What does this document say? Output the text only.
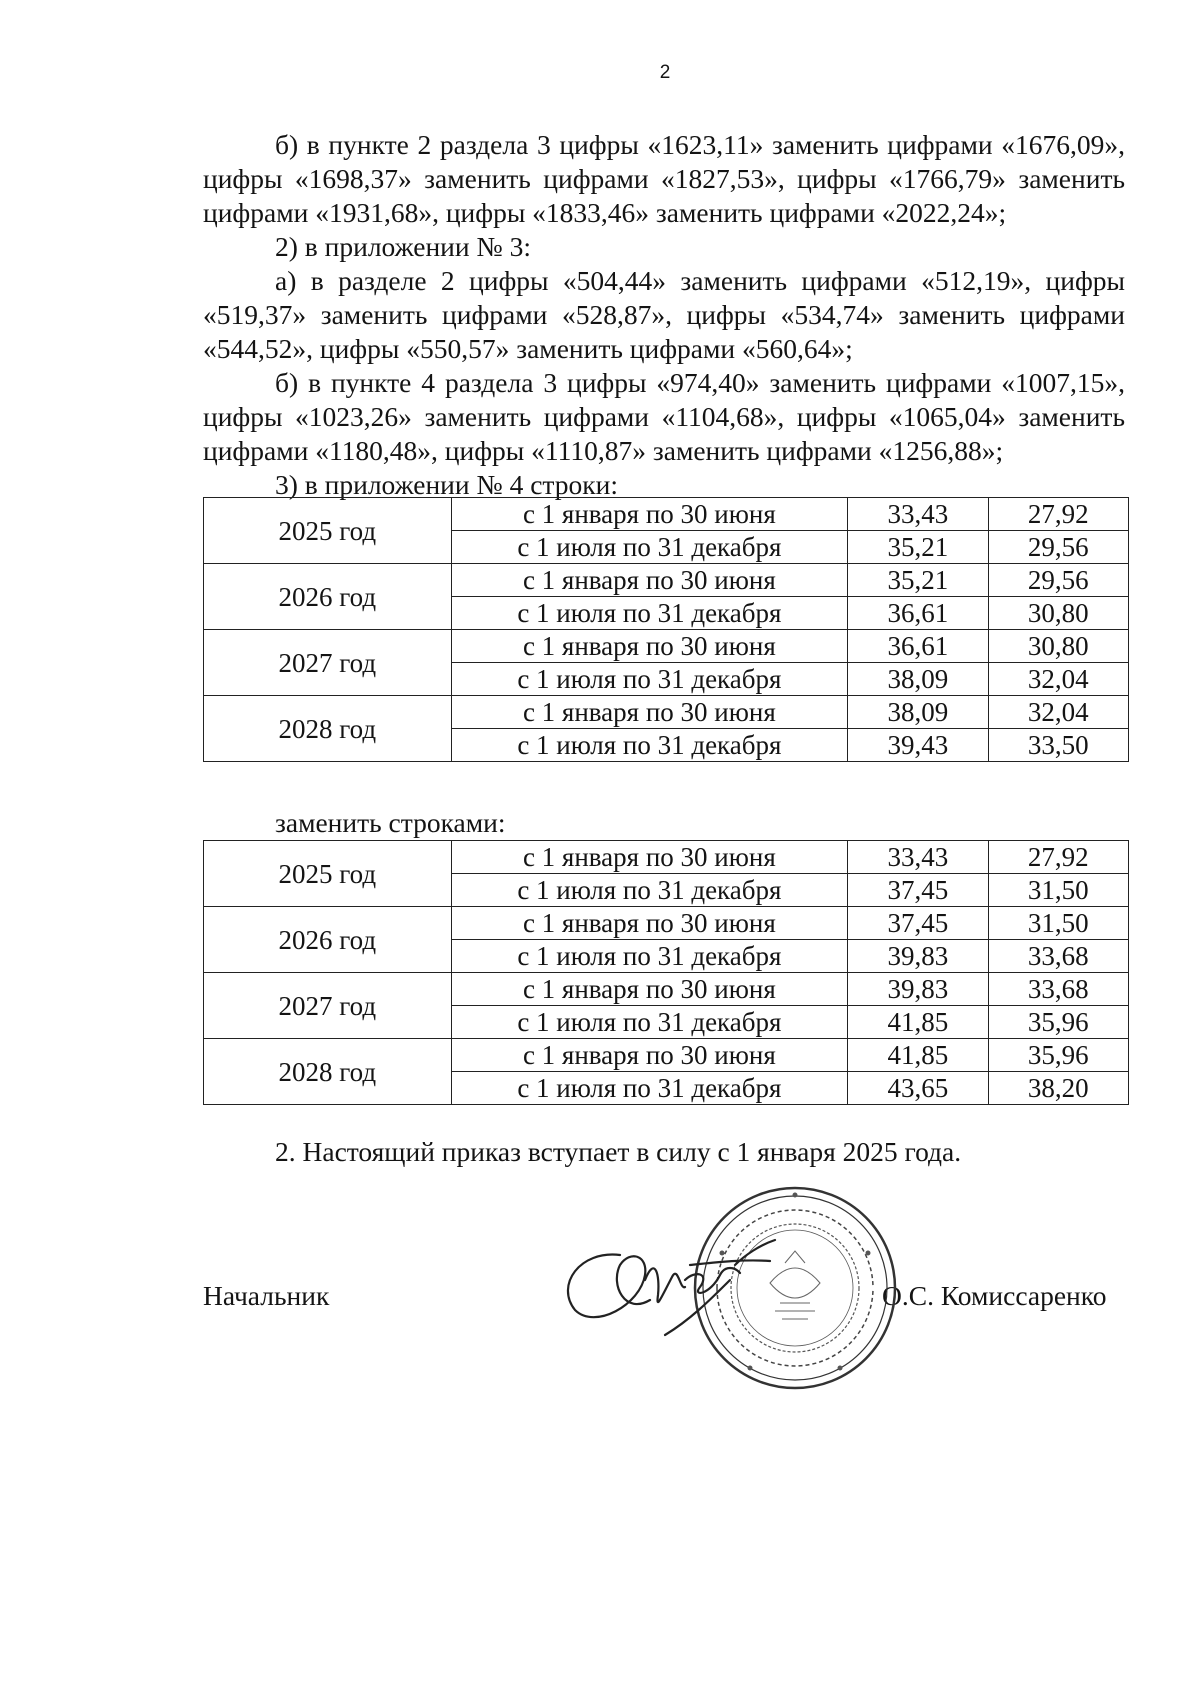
2

б) в пункте 2 раздела 3 цифры «1623,11» заменить цифрами «1676,09», цифры «1698,37» заменить цифрами «1827,53», цифры «1766,79» заменить цифрами «1931,68», цифры «1833,46» заменить цифрами «2022,24»;

2) в приложении № 3:

а) в разделе 2 цифры «504,44» заменить цифрами «512,19», цифры «519,37» заменить цифрами «528,87», цифры «534,74» заменить цифрами «544,52», цифры «550,57» заменить цифрами «560,64»;

б) в пункте 4 раздела 3 цифры «974,40» заменить цифрами «1007,15», цифры «1023,26» заменить цифрами «1104,68», цифры «1065,04» заменить цифрами «1180,48», цифры «1110,87» заменить цифрами «1256,88»;

3) в приложении № 4 строки:

2025 год	с 1 января по 30 июня	33,43	27,92
	с 1 июля по 31 декабря	35,21	29,56
2026 год	с 1 января по 30 июня	35,21	29,56
	с 1 июля по 31 декабря	36,61	30,80
2027 год	с 1 января по 30 июня	36,61	30,80
	с 1 июля по 31 декабря	38,09	32,04
2028 год	с 1 января по 30 июня	38,09	32,04
	с 1 июля по 31 декабря	39,43	33,50
заменить строками:
2025 год	с 1 января по 30 июня	33,43	27,92
	с 1 июля по 31 декабря	37,45	31,50
2026 год	с 1 января по 30 июня	37,45	31,50
	с 1 июля по 31 декабря	39,83	33,68
2027 год	с 1 января по 30 июня	39,83	33,68
	с 1 июля по 31 декабря	41,85	35,96
2028 год	с 1 января по 30 июня	41,85	35,96
	с 1 июля по 31 декабря	43,65	38,20
2. Настоящий приказ вступает в силу с 1 января 2025 года.
Начальник	О.С. Комиссаренко
